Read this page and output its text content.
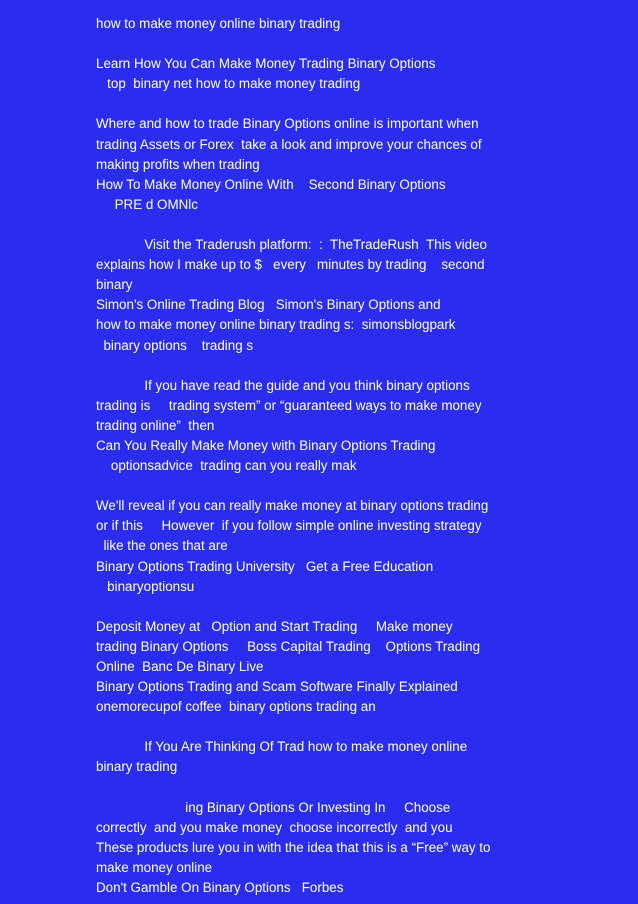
how to make money online binary trading
Learn How You Can Make Money Trading Binary Options
top  binary net how to make money trading
Where and how to trade Binary Options online is important when
trading Assets or Forex  take a look and improve your chances of
making profits when trading
How To Make Money Online With    Second Binary Options
PRE d OMNlc
Visit the Traderush platform:  :  TheTradeRush  This video
explains how I make up to $   every   minutes by trading    second
binary
Simon's Online Trading Blog   Simon's Binary Options and
how to make money online binary trading s:  simonsblogpark
binary options    trading s
If you have read the guide and you think binary options
trading is     trading system” or “guaranteed ways to make money
trading online”  then
Can You Really Make Money with Binary Options Trading
optionsadvice  trading can you really mak
We'll reveal if you can really make money at binary options trading
or if this     However  if you follow simple online investing strategy
like the ones that are
Binary Options Trading University   Get a Free Education
binaryoptionsu
Deposit Money at   Option and Start Trading     Make money
trading Binary Options     Boss Capital Trading    Options Trading
Online  Banc De Binary Live
Binary Options Trading and Scam Software Finally Explained
onemorecupof coffee  binary options trading an
If You Are Thinking Of Trad how to make money online
binary trading
ing Binary Options Or Investing In     Choose
correctly  and you make money  choose incorrectly  and you
These products lure you in with the idea that this is a “Free” way to
make money online
Don't Gamble On Binary Options   Forbes
